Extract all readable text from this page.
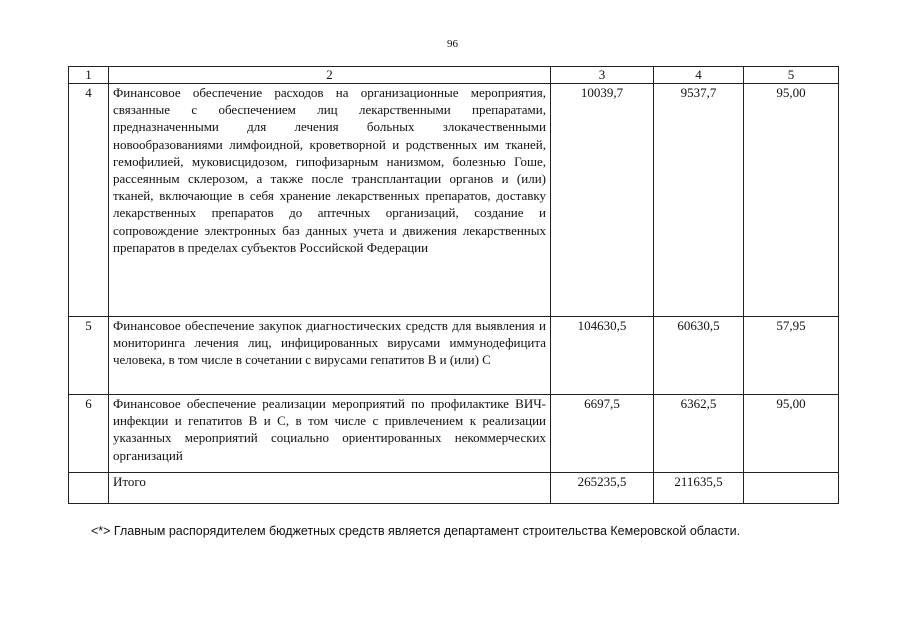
96
1	2	3	4	5
4	Финансовое обеспечение расходов на организационные мероприятия, связанные с обеспечением лиц лекарственными препаратами, предназначенными для лечения больных злокачественными новообразованиями лимфоидной, кроветворной и родственных им тканей, гемофилией, муковисцидозом, гипофизарным нанизмом, болезнью Гоше, рассеянным склерозом, а также после трансплантации органов и (или) тканей, включающие в себя хранение лекарственных препаратов, доставку лекарственных препаратов до аптечных организаций, создание и сопровождение электронных баз данных учета и движения лекарственных препаратов в пределах субъектов Российской Федерации	10039,7	9537,7	95,00
5	Финансовое обеспечение закупок диагностических средств для выявления и мониторинга лечения лиц, инфицированных вирусами иммунодефицита человека, в том числе в сочетании с вирусами гепатитов B и (или) C	104630,5	60630,5	57,95
6	Финансовое обеспечение реализации мероприятий по профилактике ВИЧ-инфекции и гепатитов B и C, в том числе с привлечением к реализации указанных мероприятий социально ориентированных некоммерческих организаций	6697,5	6362,5	95,00
	Итого	265235,5	211635,5	
<*> Главным распорядителем бюджетных средств является департамент строительства Кемеровской области.
